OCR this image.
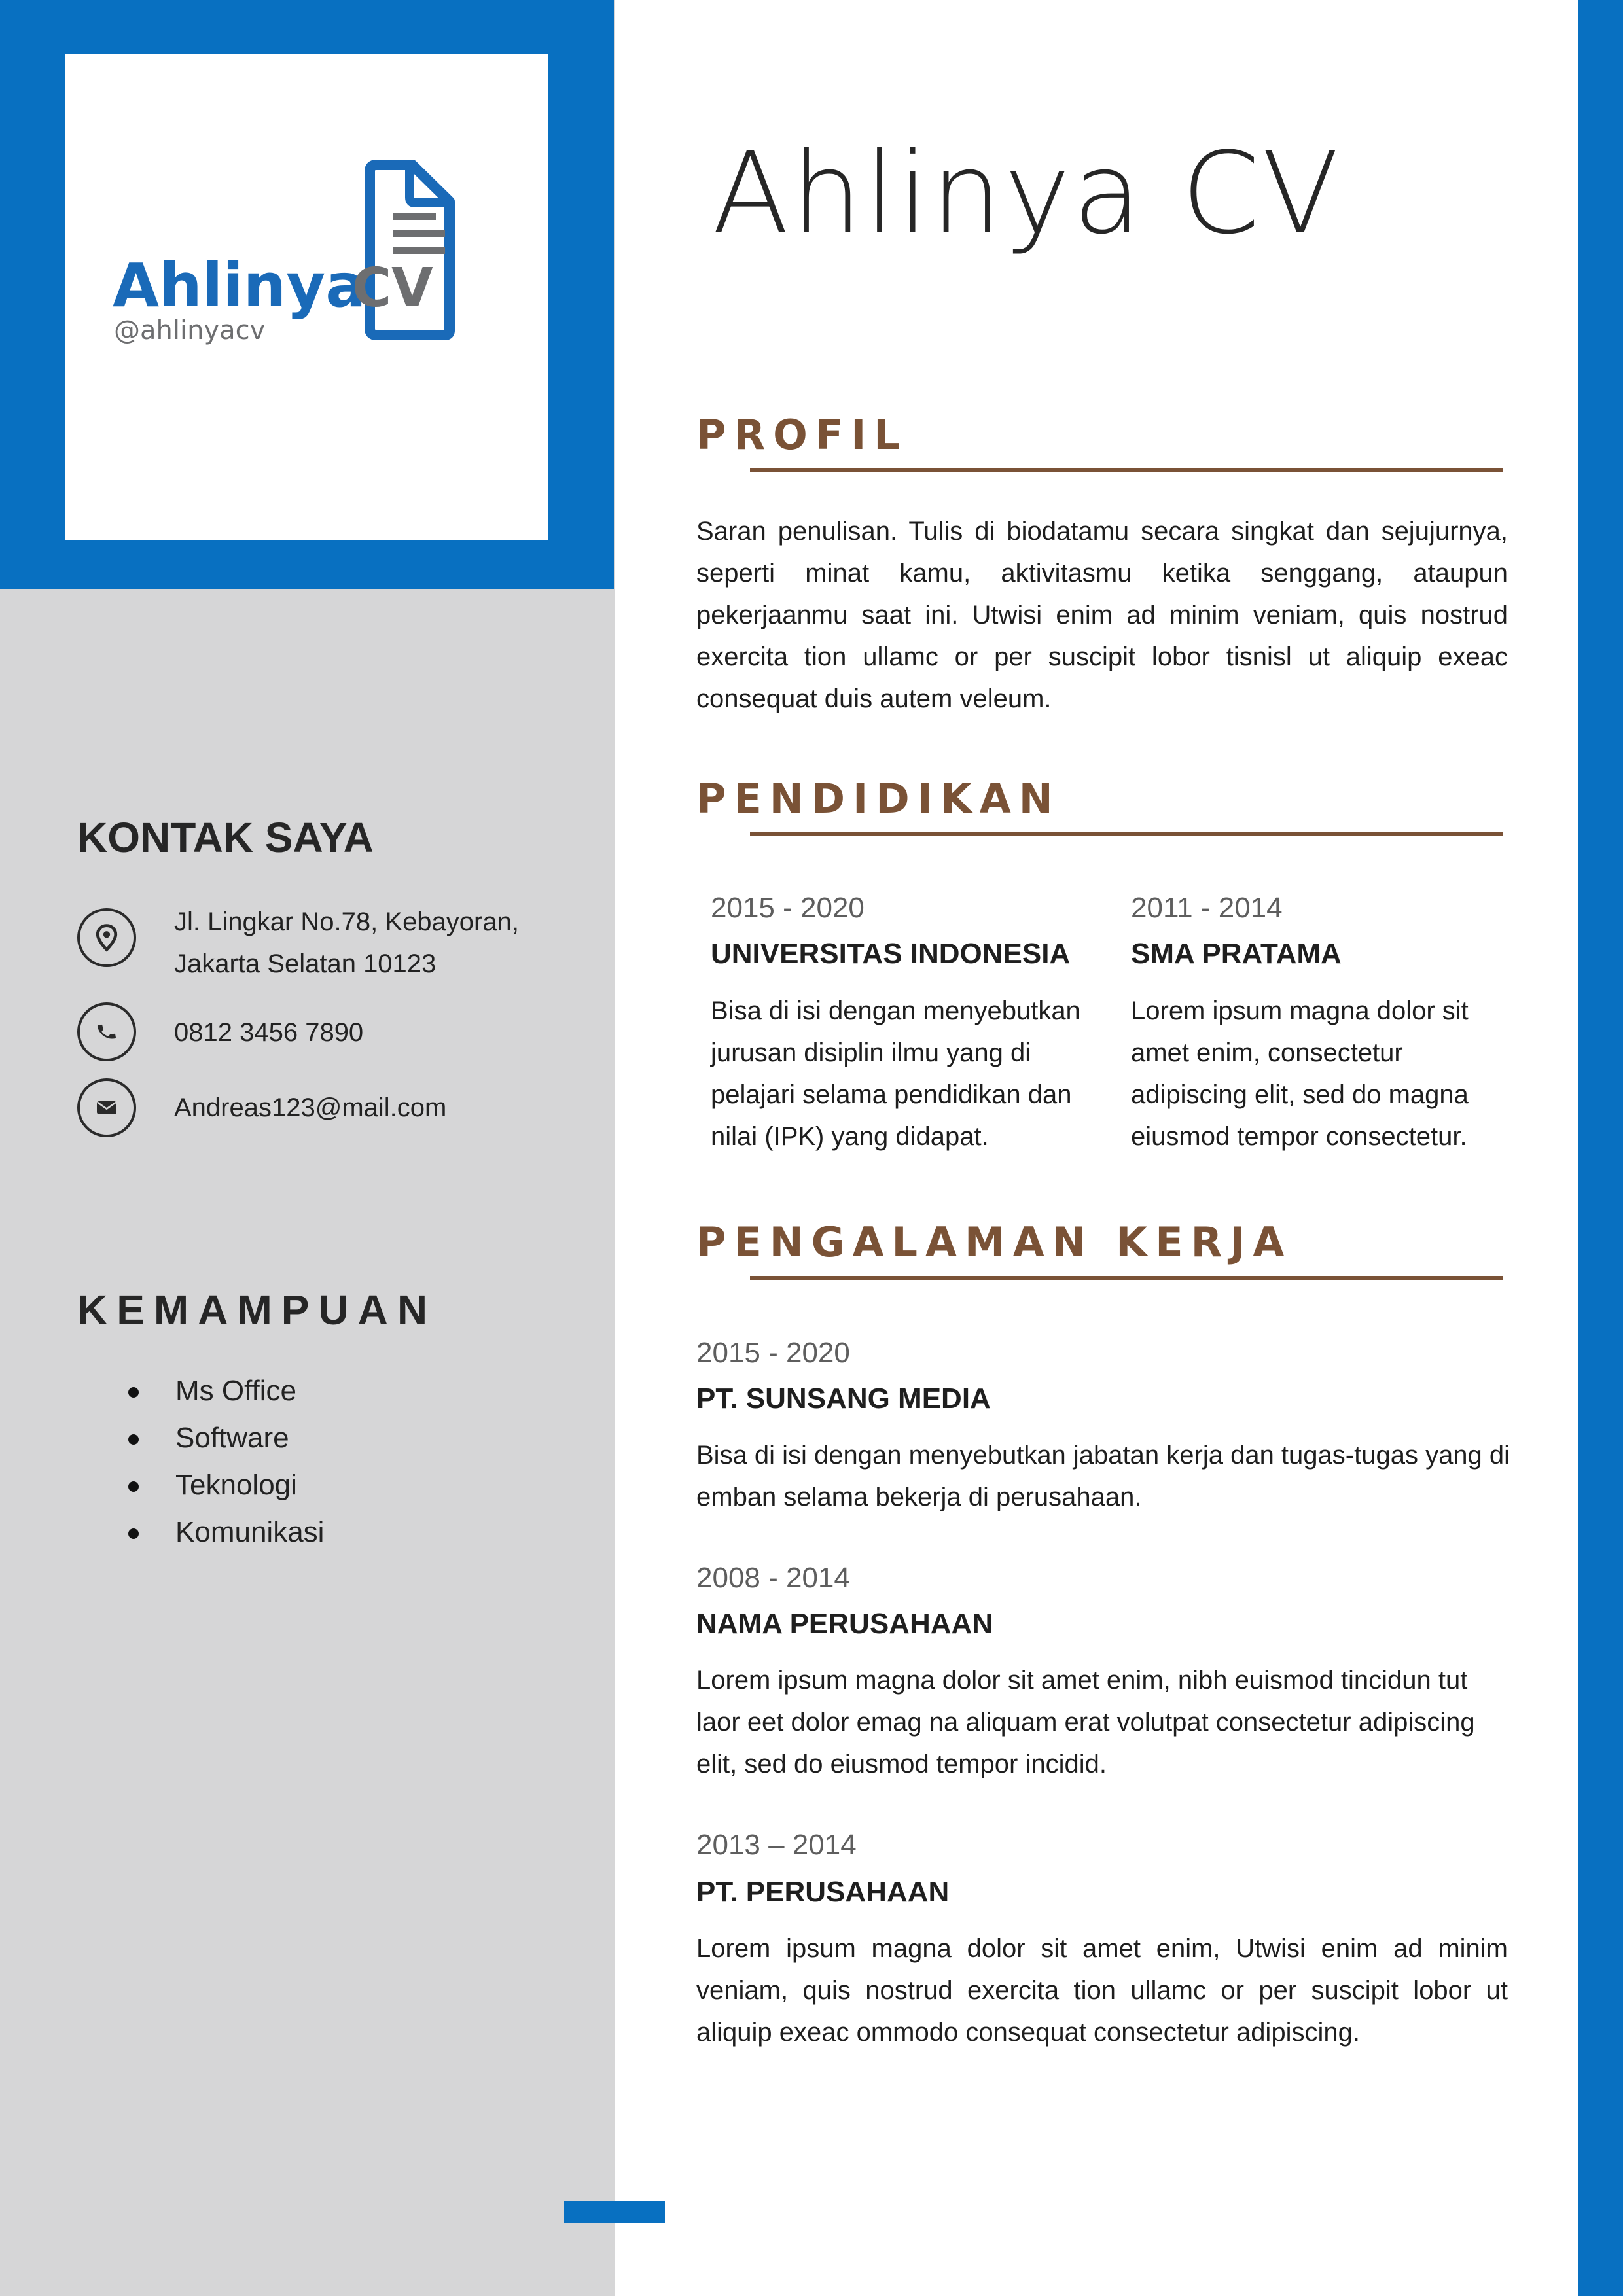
Ahlinya
CV
@ahlinyacv
Ahlinya CV
PROFIL

Saran penulisan. Tulis di biodatamu secara singkat dan sejujurnya, seperti minat kamu, aktivitasmu ketika senggang, ataupun pekerjaanmu saat ini. Utwisi enim ad minim veniam, quis nostrud exercita tion ullamc or per suscipit lobor tisnisl ut aliquip exeac consequat duis autem veleum.

PENDIDIKAN
2015 - 2020
UNIVERSITAS INDONESIA

Bisa di isi dengan menyebutkan jurusan disiplin ilmu yang di pelajari selama pendidikan dan nilai (IPK) yang didapat.

2011 - 2014
SMA PRATAMA

Lorem ipsum magna dolor sit amet enim, consectetur adipiscing elit, sed do magna eiusmod tempor consectetur.

PENGALAMAN KERJA
2015 - 2020
PT. SUNSANG MEDIA

Bisa di isi dengan menyebutkan jabatan kerja dan tugas-tugas yang di emban selama bekerja di perusahaan.

2008 - 2014
NAMA PERUSAHAAN

Lorem ipsum magna dolor sit amet enim, nibh euismod tincidun tut laor eet dolor emag na aliquam erat volutpat consectetur adipiscing elit, sed do eiusmod tempor incidid.

2013 – 2014
PT. PERUSAHAAN

Lorem ipsum magna dolor sit amet enim, Utwisi enim ad minim veniam, quis nostrud exercita tion ullamc or per suscipit lobor ut aliquip exeac ommodo consequat consectetur adipiscing.

KONTAK SAYA

Jl. Lingkar No.78, Kebayoran,
Jakarta Selatan 10123

0812 3456 7890

Andreas123@mail.com

KEMAMPUAN
Ms Office
Software
Teknologi
Komunikasi
